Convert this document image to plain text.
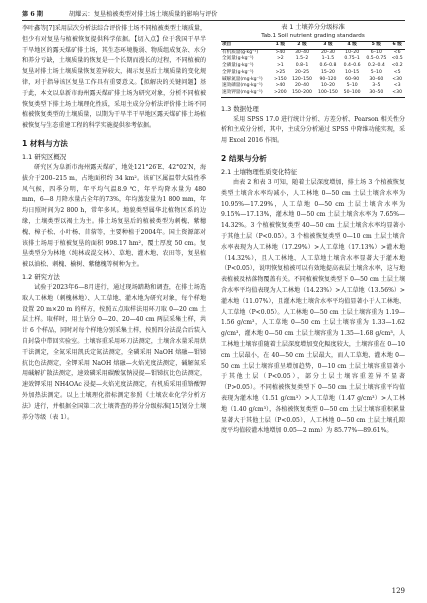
第 6 期	胡耀云：复垦植被类型对排土场土壤质量的影响与评价

李叶鑫等[7]采用层次分析法综合评价排土场不同植被类型土壤质量，但少有对复垦与植被恢复提供科学依据。【切入点】位于我国干旱半干旱地区的露天煤矿排土场，其生态环境脆弱、物质组成复杂、水分和养分亏缺，土壤质量的恢复是一个长期而漫长的过程，不同植被的复垦对排土场土壤质量恢复差异较大，揭示复垦后土壤质量的变化规律，对于指导该区复垦工作具有重要意义。【拟解决的关键问题】基于此，本文以阜新市海州露天煤矿排土场为研究对象，分析不同植被恢复类型下排土场土壤理化性质，采用主成分分析法评价排土场不同植被恢复类型的土壤质量，以期为干旱半干旱地区露天煤矿排土场植被恢复与生态重建工程的科学实施提供参考依据。

1 材料与方法
1.1 研究区概况

研究区为阜新市海州露天煤矿，地处121°26′E、42°02′N，海拔介于200–215 m，占地面积约 34 km²。该矿区属温带大陆性季风气候，四季分明，年平均气温8.9 ℃，年平均降水量为 480 mm，6—8 月降水量占全年的73%，年均蒸发量为1 800 mm，年均日照时间为2 800 h，常年多风。地貌类型属华北植物区系的边缘，土壤类型以褐土为主。排土场复垦后的植被类型为刺槐、紫穗槐、樟子松、小叶杨、苜蓿等，主要种植于2004年。国土资源部对该排土场用于植被复垦的面积 998.17 hm²，覆土厚度 50 cm。复垦类型分为林地（纯林或混交林）、草地、灌木地、农田等，复垦植被以油松、刺槐、榆树、紫穗槐等树种为主。

1.2 研究方法

试验于2023年6—8月进行，通过现场踏勘和调查，在排土场选取人工林地（刺槐林地）、人工草地、灌木地为研究对象，每个样地设置 20 m×20 m 的样方，按照五点取样法用环刀取 0—20 cm 土层土样。取样时，用土钻分 0—20、20—40 cm 两层采集土样，共计 6 个样品，同时对每个样地分别采集土样，按照四分法混合后装入自封袋中带回实验室。土壤容重采用环刀法测定，土壤含水量采用烘干法测定，全氮采用凯氏定氮法测定，全磷采用 NaOH 熔融—钼锑抗比色法测定，全钾采用 NaOH 熔融—火焰光度法测定，碱解氮采用碱解扩散法测定，速效磷采用碳酸氢钠浸提—钼锑抗比色法测定，速效钾采用 NH4OAc 浸提—火焰光度法测定，有机质采用重铬酸钾外加热法测定。以上土壤理化指标测定参照《土壤农业化学分析方法》进行，并根据全国第二次土壤普查的养分分级标准[15]划分土壤养分等级（表 1）。

表 1 土壤养分分级标准
Tab.1 Soil nutrient grading standards
项目	1 级	2 级	3 级	4 级	5 级	6 级
有机质量(g·kg⁻¹)	>40	30–40	20–30	10–20	6–10	<6
全氮量(g·kg⁻¹)	>2	1.5–2	1–1.5	0.75–1	0.5–0.75	<0.5
全磷量(g·kg⁻¹)	>1	0.8–1	0.6–0.8	0.4–0.6	0.2–0.4	<0.2
全钾量(g·kg⁻¹)	>25	20–25	15–20	10–15	5–10	<5
碱解氮量(mg·kg⁻¹)	>150	120–150	90–120	60–90	30–60	<30
速效磷量(mg·kg⁻¹)	>40	20–40	10–20	5–10	3–5	<3
速效钾量(mg·kg⁻¹)	>200	150–200	100–150	50–100	30–50	<30
1.3 数据处理

采用 SPSS 17.0 进行统计分析、方差分析、Pearson 相关性分析和主成分分析，其中，主成分分析通过 SPSS 中降维功能实现，采用 Excel 2016 作图。

2 结果与分析
2.1 土壤物理性质变化特征

由表 2 和表 3 可知，随着土层深度增加，排土场 3 个植被恢复类型土壤含水率均减小，人工林地 0—50 cm 土层土壤含水率为 10.95%—17.29%，人工草地 0—50 cm 土层土壤含水率为 9.15%—17.13%，灌木地 0—50 cm 土层土壤含水率为 7.65%—14.32%。3 个植被恢复类型 40—50 cm 土层土壤含水率均显著小于其他土层（P<0.05）。3 个植被恢复类型 0—10 cm 土层土壤含水率表现为人工林地（17.29%）>人工草地（17.13%）>灌木地（14.32%），且人工林地、人工草地土壤含水率显著大于灌木地（P<0.05），说明恢复植被可以有效地提高表层土壤含水率，这与地表植被及枯落物覆盖有关。不同植被恢复类型下 0—50 cm 土层土壤含水率平均值表现为人工林地（14.23%）>人工草地（13.56%）>灌木地（11.07%），且灌木地土壤含水率平均值显著小于人工林地、人工草地（P<0.05）。人工林地 0—50 cm 土层土壤容重为 1.19—1.56 g/cm³，人工草地 0—50 cm 土层土壤容重为 1.33—1.62 g/cm³，灌木地 0—50 cm 土层土壤容重为 1.35—1.68 g/cm³，人工林地土壤容重随着土层深度增加变化幅度较大，土壤容重在 0—10 cm 土层最小，在 40—50 cm 土层最大，而人工草地、灌木地 0—50 cm 土层土壤容重呈增加趋势，0—10 cm 土层土壤容重显著小于其他土层（P<0.05），部分土层土壤容重差异不显著（P>0.05）。不同植被恢复类型下 0—50 cm 土层土壤容重平均值表现为灌木地（1.51 g/cm³）>人工草地（1.47 g/cm³）>人工林地（1.40 g/cm³），各植被恢复类型 0—50 cm 土层土壤容重积累量显著大于其他土层（P<0.05），人工林地 0—50 cm 土层土壤孔隙度平均值较灌木地增加 0.05—2 mm）为 85.77%—89.61%。

129
